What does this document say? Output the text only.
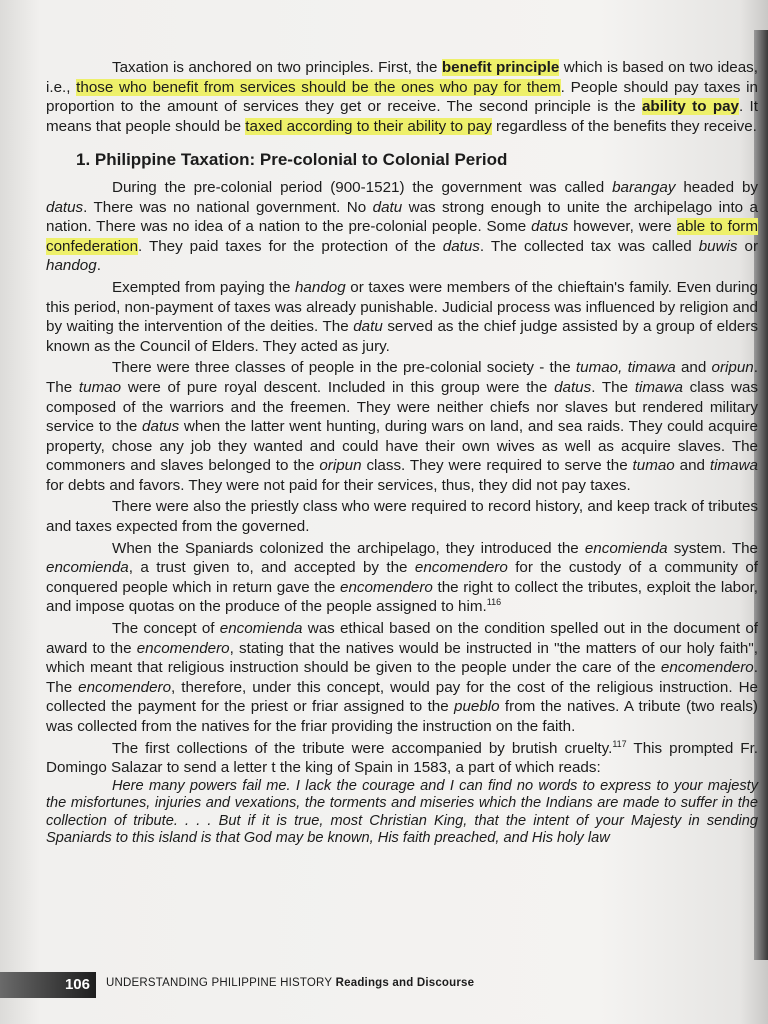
Taxation is anchored on two principles. First, the benefit principle which is based on two ideas, i.e., those who benefit from services should be the ones who pay for them. People should pay taxes in proportion to the amount of services they get or receive. The second principle is the ability to pay. It means that people should be taxed according to their ability to pay regardless of the benefits they receive.

1. Philippine Taxation: Pre-colonial to Colonial Period

During the pre-colonial period (900-1521) the government was called barangay headed by datus. There was no national government. No datu was strong enough to unite the archipelago into a nation. There was no idea of a nation to the pre-colonial people. Some datus however, were able to form confederation. They paid taxes for the protection of the datus. The collected tax was called buwis or handog.

Exempted from paying the handog or taxes were members of the chieftain's family. Even during this period, non-payment of taxes was already punishable. Judicial process was influenced by religion and by waiting the intervention of the deities. The datu served as the chief judge assisted by a group of elders known as the Council of Elders. They acted as jury.

There were three classes of people in the pre-colonial society - the tumao, timawa and oripun. The tumao were of pure royal descent. Included in this group were the datus. The timawa class was composed of the warriors and the freemen. They were neither chiefs nor slaves but rendered military service to the datus when the latter went hunting, during wars on land, and sea raids. They could acquire property, chose any job they wanted and could have their own wives as well as acquire slaves. The commoners and slaves belonged to the oripun class. They were required to serve the tumao and timawa for debts and favors. They were not paid for their services, thus, they did not pay taxes.

There were also the priestly class who were required to record history, and keep track of tributes and taxes expected from the governed.

When the Spaniards colonized the archipelago, they introduced the encomienda system. The encomienda, a trust given to, and accepted by the encomendero for the custody of a community of conquered people which in return gave the encomendero the right to collect the tributes, exploit the labor, and impose quotas on the produce of the people assigned to him.$^{116}$

The concept of encomienda was ethical based on the condition spelled out in the document of award to the encomendero, stating that the natives would be instructed in "the matters of our holy faith", which meant that religious instruction should be given to the people under the care of the encomendero. The encomendero, therefore, under this concept, would pay for the cost of the religious instruction. He collected the payment for the priest or friar assigned to the pueblo from the natives. A tribute (two reals) was collected from the natives for the friar providing the instruction on the faith.

The first collections of the tribute were accompanied by brutish cruelty.$^{117}$ This prompted Fr. Domingo Salazar to send a letter t the king of Spain in 1583, a part of which reads:

Here many powers fail me. I lack the courage and I can find no words to express to your majesty the misfortunes, injuries and vexations, the torments and miseries which the Indians are made to suffer in the collection of tribute. . . . But if it is true, most Christian King, that the intent of your Majesty in sending Spaniards to this island is that God may be known, His faith preached, and His holy law

106	UNDERSTANDING PHILIPPINE HISTORY Readings and Discourse
